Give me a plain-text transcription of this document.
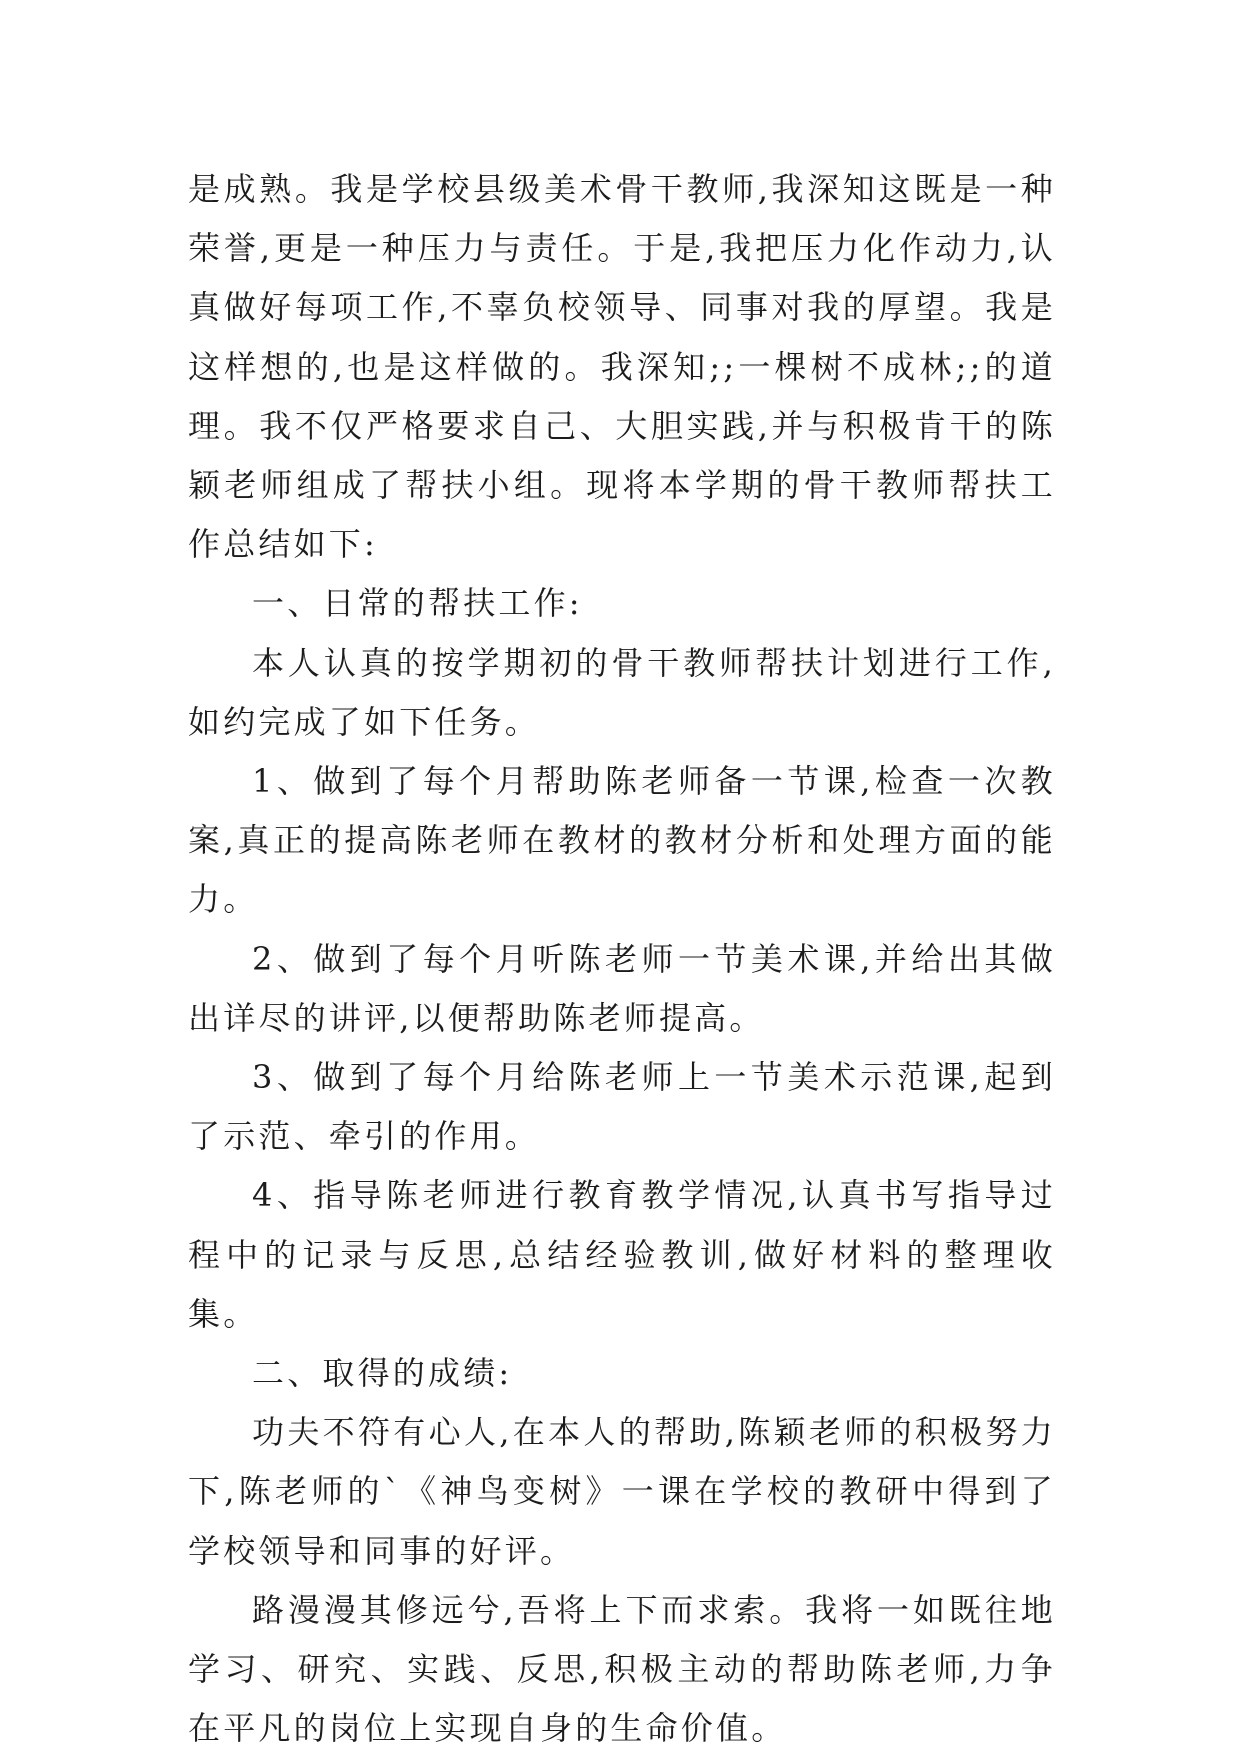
是成熟。我是学校县级美术骨干教师,我深知这既是一种荣誉,更是一种压力与责任。于是,我把压力化作动力,认真做好每项工作,不辜负校领导、同事对我的厚望。我是这样想的,也是这样做的。我深知;;一棵树不成林;;的道理。我不仅严格要求自己、大胆实践,并与积极肯干的陈颖老师组成了帮扶小组。现将本学期的骨干教师帮扶工作总结如下:

一、日常的帮扶工作:

本人认真的按学期初的骨干教师帮扶计划进行工作,如约完成了如下任务。

1、做到了每个月帮助陈老师备一节课,检查一次教案,真正的提高陈老师在教材的教材分析和处理方面的能力。

2、做到了每个月听陈老师一节美术课,并给出其做出详尽的讲评,以便帮助陈老师提高。

3、做到了每个月给陈老师上一节美术示范课,起到了示范、牵引的作用。

4、指导陈老师进行教育教学情况,认真书写指导过程中的记录与反思,总结经验教训,做好材料的整理收集。

二、取得的成绩:

功夫不符有心人,在本人的帮助,陈颖老师的积极努力下,陈老师的`《神鸟变树》一课在学校的教研中得到了学校领导和同事的好评。

路漫漫其修远兮,吾将上下而求索。我将一如既往地学习、研究、实践、反思,积极主动的帮助陈老师,力争在平凡的岗位上实现自身的生命价值。
